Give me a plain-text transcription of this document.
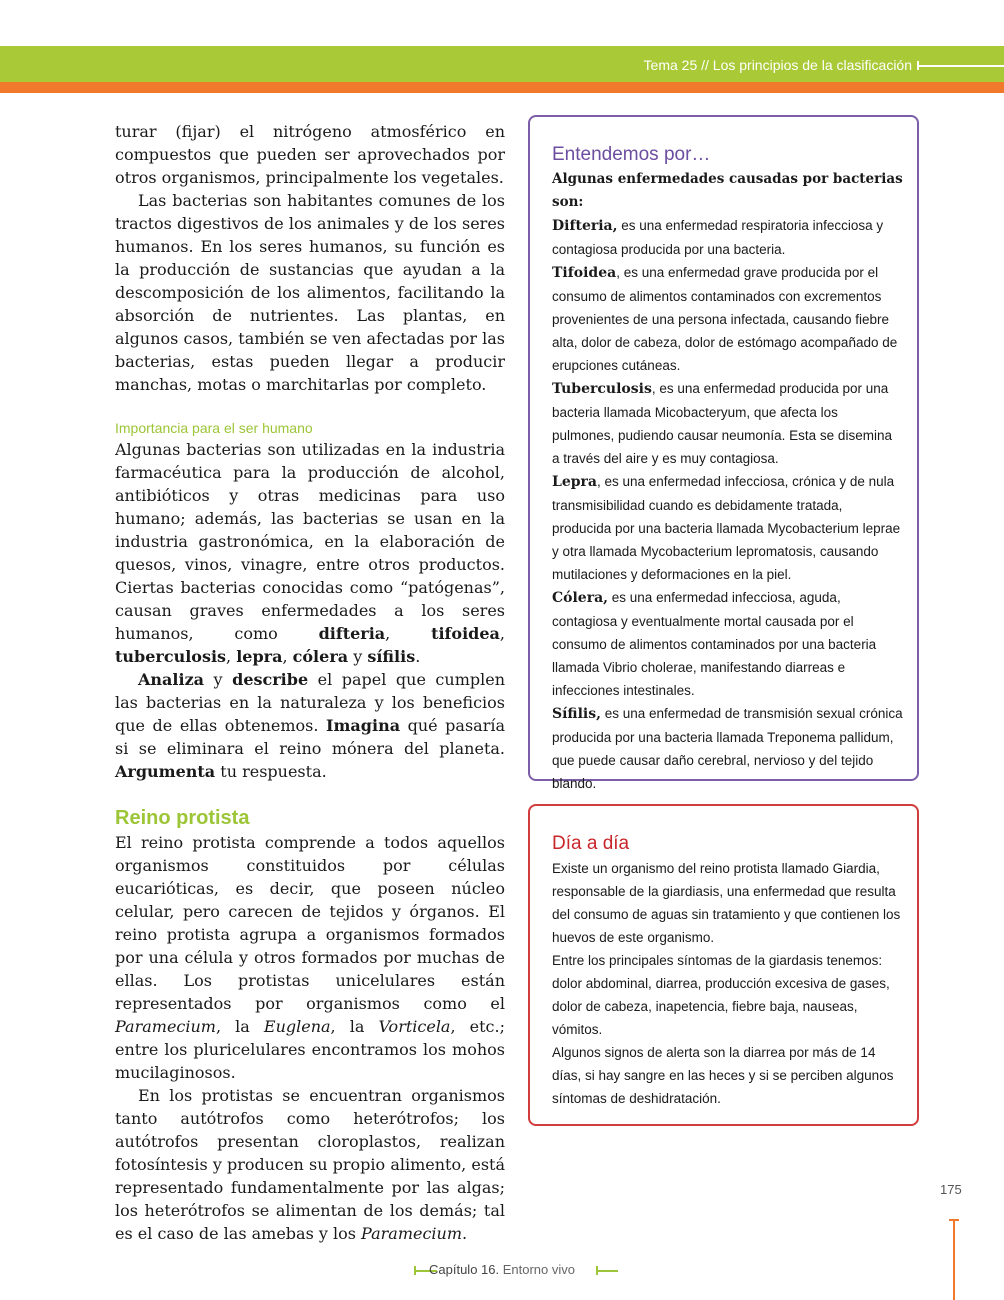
Tema 25 // Los principios de la clasificación

turar (fijar) el nitrógeno atmosférico en compuestos que pueden ser aprovechados por otros organismos, principalmente los vegetales.

Las bacterias son habitantes comunes de los tractos digestivos de los animales y de los seres humanos. En los seres humanos, su función es la producción de sustancias que ayudan a la descomposición de los alimentos, facilitando la absorción de nutrientes. Las plantas, en algunos casos, también se ven afectadas por las bacterias, estas pueden llegar a producir manchas, motas o marchitarlas por completo.

Importancia para el ser humano

Algunas bacterias son utilizadas en la industria farmacéutica para la producción de alcohol, antibióticos y otras medicinas para uso humano; además, las bacterias se usan en la industria gastronómica, en la elaboración de quesos, vinos, vinagre, entre otros productos. Ciertas bacterias conocidas como “patógenas”, causan graves enfermedades a los seres humanos, como difteria, tifoidea, tuberculosis, lepra, cólera y sífilis.

Analiza y describe el papel que cumplen las bacterias en la naturaleza y los beneficios que de ellas obtenemos. Imagina qué pasaría si se eliminara el reino mónera del planeta. Argumenta tu respuesta.

Reino protista

El reino protista comprende a todos aquellos organismos constituidos por células eucarióticas, es decir, que poseen núcleo celular, pero carecen de tejidos y órganos. El reino protista agrupa a organismos formados por una célula y otros formados por muchas de ellas. Los protistas unicelulares están representados por organismos como el Paramecium, la Euglena, la Vorticela, etc.; entre los pluricelulares encontramos los mohos mucilaginosos.

En los protistas se encuentran organismos tanto autótrofos como heterótrofos; los autótrofos presentan cloroplastos, realizan fotosíntesis y producen su propio alimento, está representado fundamentalmente por las algas; los heterótrofos se alimentan de los demás; tal es el caso de las amebas y los Paramecium.

Entendemos por…

Algunas enfermedades causadas por bacterias son:

Difteria, es una enfermedad respiratoria infecciosa y contagiosa producida por una bacteria.

Tifoidea, es una enfermedad grave producida por el consumo de alimentos contaminados con excrementos provenientes de una persona infectada, causando fiebre alta, dolor de cabeza, dolor de estómago acompañado de erupciones cutáneas.

Tuberculosis, es una enfermedad producida por una bacteria llamada Micobacteryum, que afecta los pulmones, pudiendo causar neumonía. Esta se disemina a través del aire y es muy contagiosa.

Lepra, es una enfermedad infecciosa, crónica y de nula transmisibilidad cuando es debidamente tratada, producida por una bacteria llamada Mycobacterium leprae y otra llamada Mycobacterium lepromatosis, causando mutilaciones y deformaciones en la piel.

Cólera, es una enfermedad infecciosa, aguda, contagiosa y eventualmente mortal causada por el consumo de alimentos contaminados por una bacteria llamada Vibrio cholerae, manifestando diarreas e infecciones intestinales.

Sífilis, es una enfermedad de transmisión sexual crónica producida por una bacteria llamada Treponema pallidum, que puede causar daño cerebral, nervioso y del tejido blando.

Día a día

Existe un organismo del reino protista llamado Giardia, responsable de la giardiasis, una enfermedad que resulta del consumo de aguas sin tratamiento y que contienen los huevos de este organismo.

Entre los principales síntomas de la giardasis tenemos: dolor abdominal, diarrea, producción excesiva de gases, dolor de cabeza, inapetencia, fiebre baja, nauseas, vómitos.

Algunos signos de alerta son la diarrea por más de 14 días, si hay sangre en las heces y si se perciben algunos síntomas de deshidratación.

175
Capítulo 16. Entorno vivo
